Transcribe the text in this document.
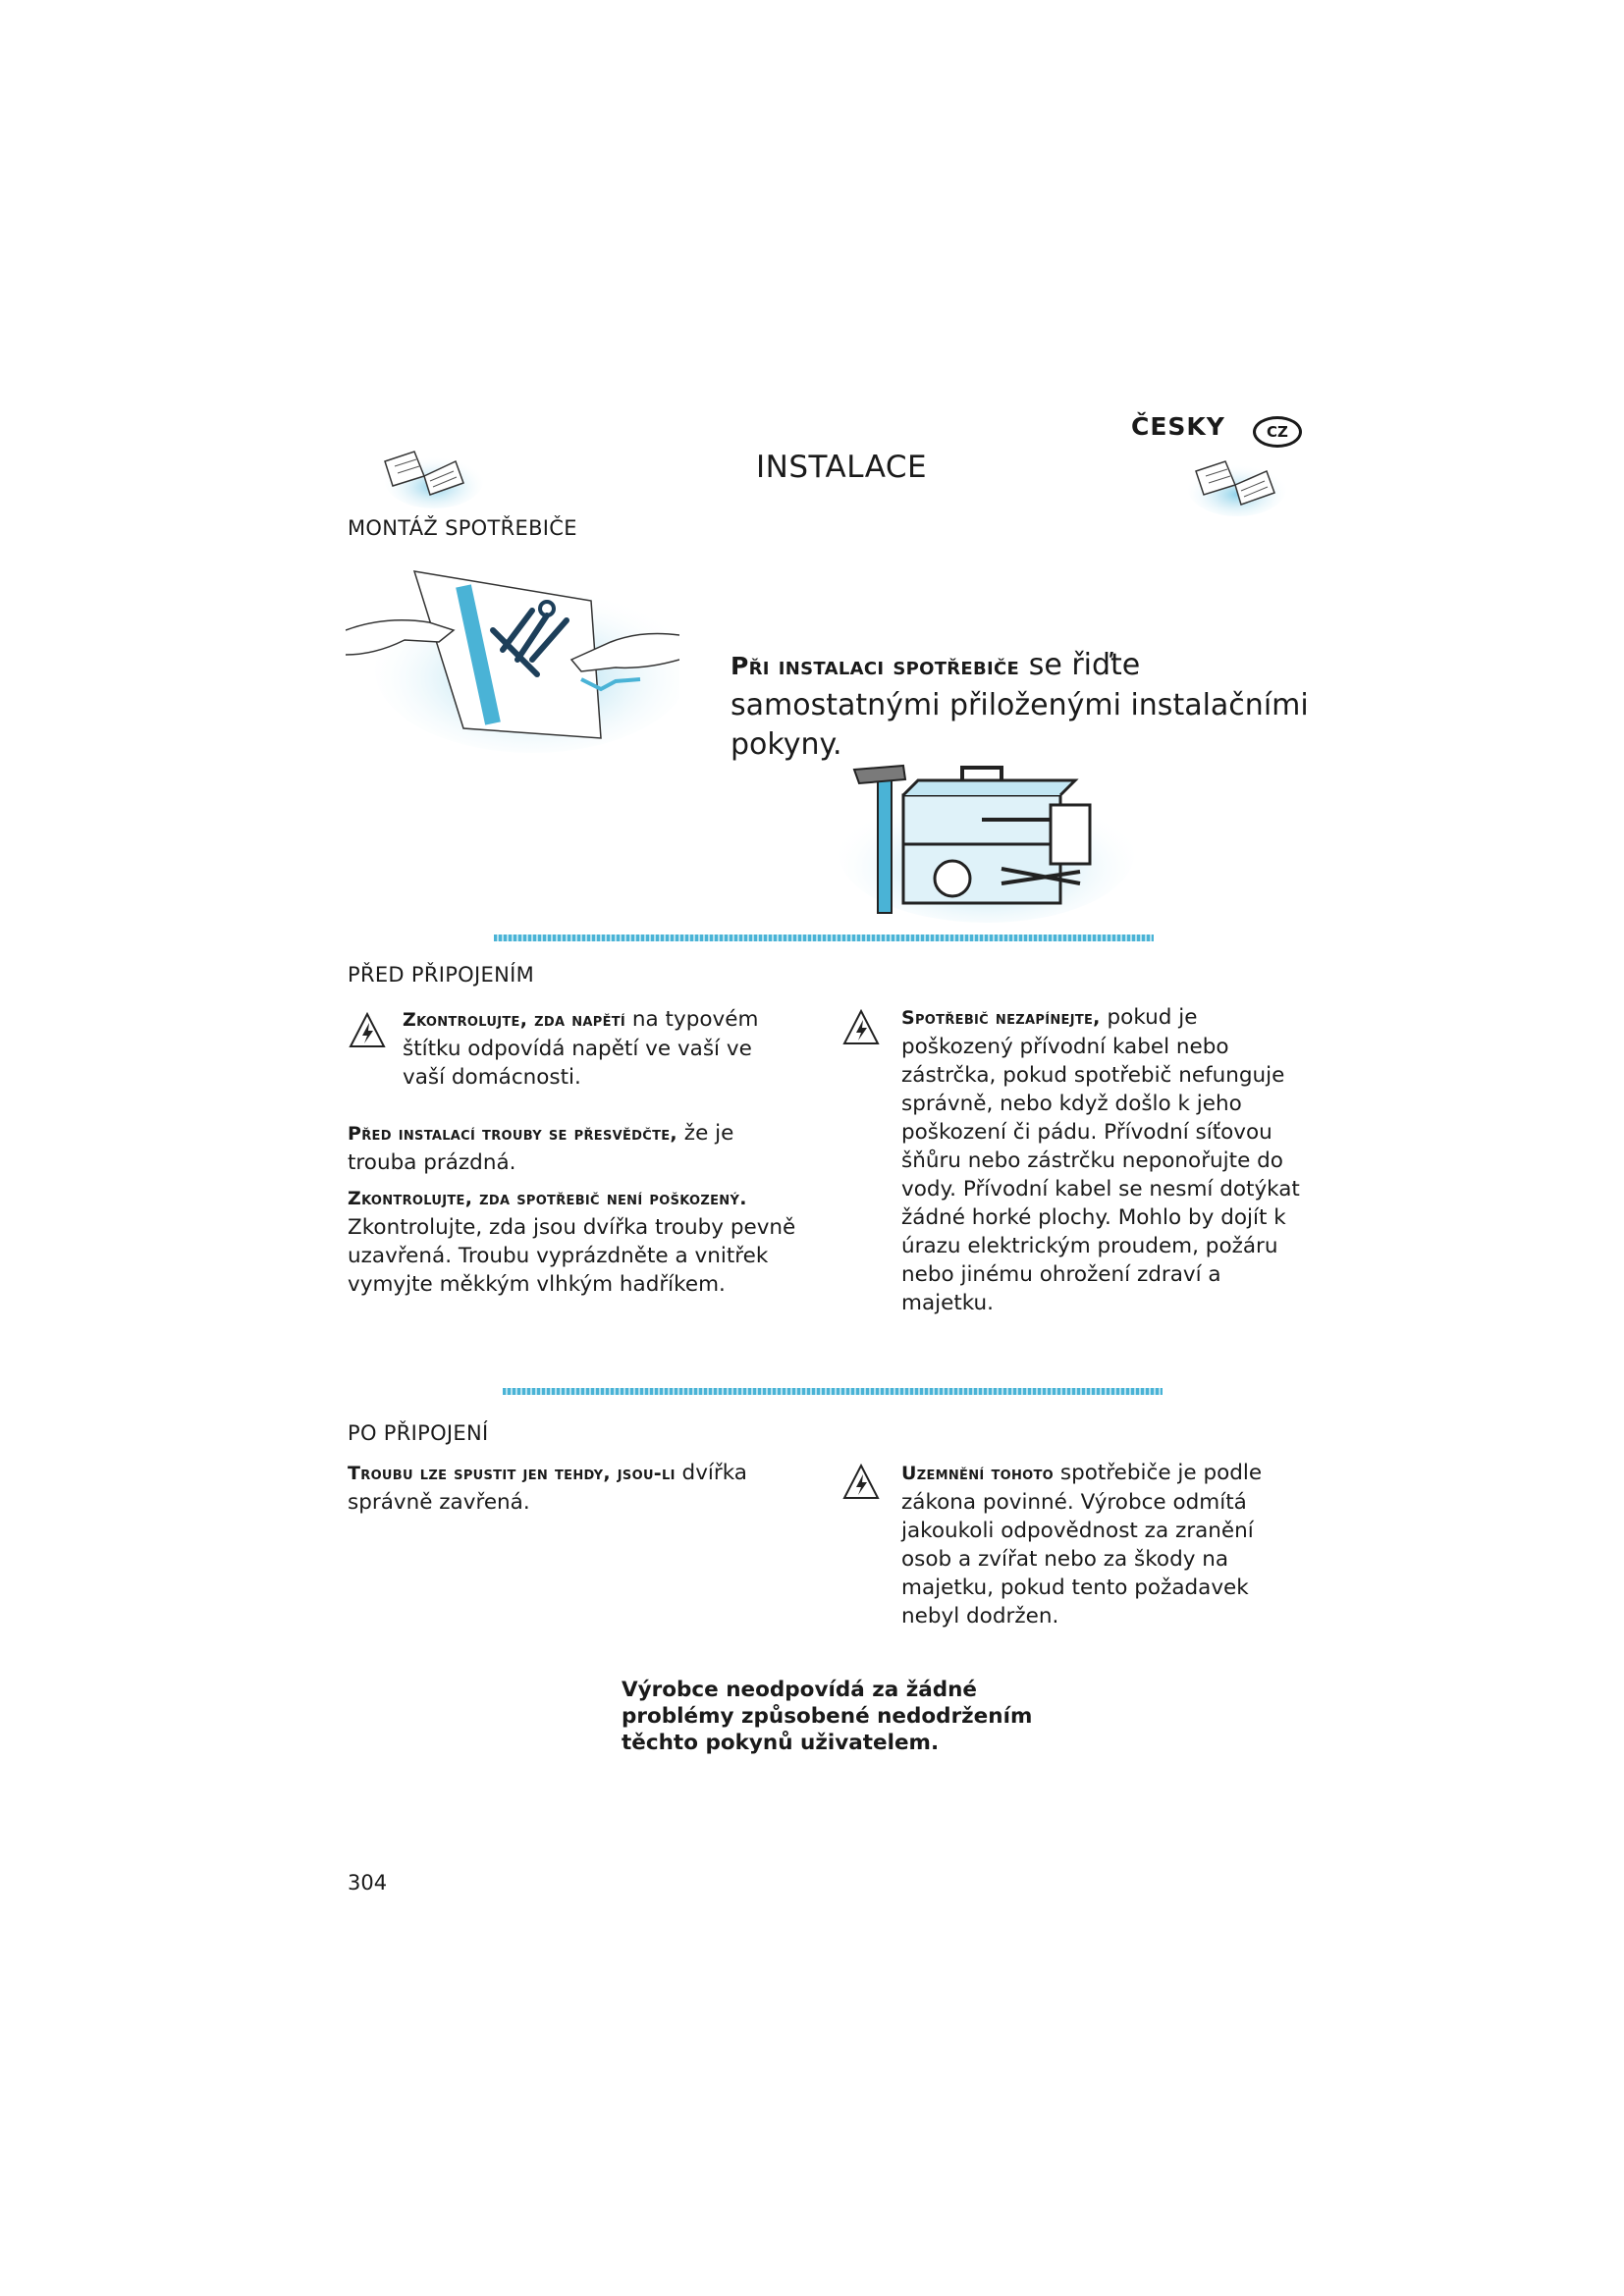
ČESKY	CZ
INSTALACE
MONTÁŽ SPOTŘEBIČE
Při instalaci spotřebiče se řiďte samostatnými přiloženými instalačními pokyny.
PŘED PŘIPOJENÍM
Zkontrolujte, zda napětí na typovém štítku odpovídá napětí ve vaší ve vaší domácnosti.
Před instalací trouby se přesvědčte, že je trouba prázdná.
Zkontrolujte, zda spotřebič není poškozený.
Zkontrolujte, zda jsou dvířka trouby pevně uzavřená. Troubu vyprázdněte a vnitřek vymyjte měkkým vlhkým hadříkem.
Spotřebič nezapínejte, pokud je poškozený přívodní kabel nebo zástrčka, pokud spotřebič nefunguje správně, nebo když došlo k jeho poškození či pádu. Přívodní síťovou šňůru nebo zástrčku neponořujte do vody. Přívodní kabel se nesmí dotýkat žádné horké plochy. Mohlo by dojít k úrazu elektrickým proudem, požáru nebo jinému ohrožení zdraví a majetku.
PO PŘIPOJENÍ
Troubu lze spustit jen tehdy, jsou-li dvířka správně zavřená.
Uzemnění tohoto spotřebiče je podle zákona povinné. Výrobce odmítá jakoukoli odpovědnost za zranění osob a zvířat nebo za škody na majetku, pokud tento požadavek nebyl dodržen.
Výrobce neodpovídá za žádné problémy způsobené nedodržením těchto pokynů uživatelem.
304
